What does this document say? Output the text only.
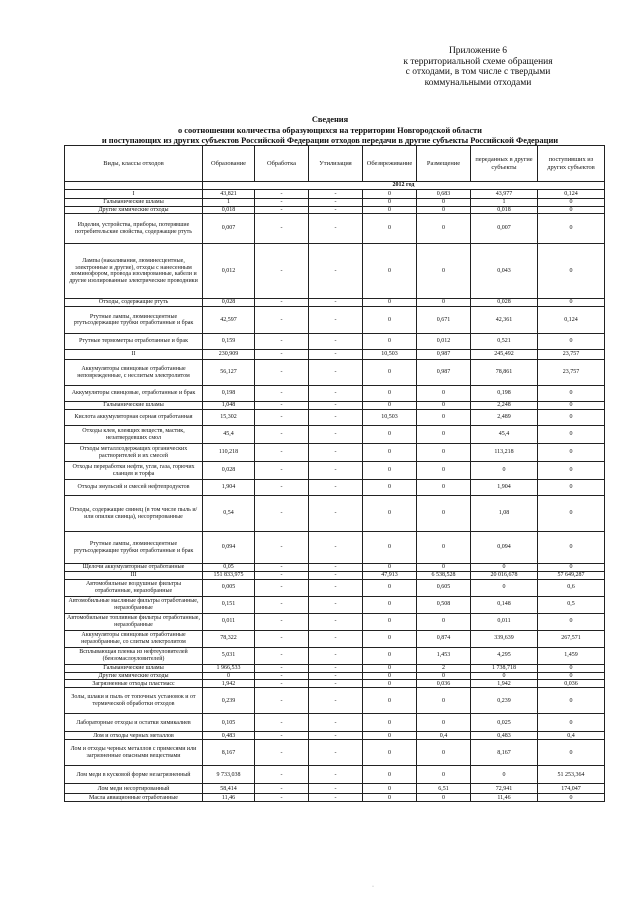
Приложение 6
к территориальной схеме обращения
с отходами, в том числе с твердыми
коммунальными отходами
Сведения
о соотношении количества образующихся на территории Новгородской области
и поступающих из других субъектов Российской Федерации отходов передачи в другие субъекты Российской Федерации
Виды, классы отходов	Образование	Обработка	Утилизация	Обезвреживание	Размещение	переданных в другие субъекты	поступивших из других субъектов
	2012 год						
I	43,821	-	-	0	0,683	43,977	0,124
Гальванические шламы	1	-	-	0	0	1	0
Другие химические отходы	0,018	-	-	0	0	0,018	0
Изделия, устройства, приборы, потерявшие потребительские свойства, содержащие ртуть	0,007	-	-	0	0	0,007	0
Лампы (накаливания, люминесцентные, электронные и другие), отходы с нанесенным люминофором, провода изолированные, кабели и другие изолированные электрические проводники	0,012	-	-	0	0	0,043	0
Отходы, содержащие ртуть	0,028	-	-	0	0	0,028	0
Ртутные лампы, люминесцентные ртутьсодержащие трубки отработанные и брак	42,597	-	-	0	0,671	42,361	0,124
Ртутные термометры отработанные и брак	0,159	-	-	0	0,012	0,521	0
II	230,909	-	-	10,503	0,987	245,492	23,757
Аккумуляторы свинцовые отработанные неповрежденные, с неслитым электролитом	56,127	-	-	0	0,987	78,861	23,757
Аккумуляторы свинцовые, отработанные и брак	0,198	-	-	0	0	0,198	0
Гальванические шламы	1,048	-	-	0	0	2,248	0
Кислота аккумуляторная серная отработанная	15,302	-	-	10,503	0	2,489	0
Отходы клея, клеящих веществ, мастик, незатвердевших смол	45,4	-	-	0	0	45,4	0
Отходы металлсодержащих органических растворителей и их смесей	110,218	-	-	0	0	113,218	0
Отходы переработки нефти, угля, газа, горючих сланцев и торфа	0,028	-	-	0	0	0	0
Отходы эмульсий и смесей нефтепродуктов	1,904	-	-	0	0	1,904	0
Отходы, содержащие свинец (в том числе пыль и/или опилки свинца), несортированные	0,54	-	-	0	0	1,08	0
Ртутные лампы, люминесцентные ртутьсодержащие трубки отработанные и брак	0,094	-	-	0	0	0,094	0
Щелочи аккумуляторные отработанные	0,05	-	-	0	0	0	0
III	151 833,975	-	-	47,913	6 538,528	20 016,678	57 649,287
Автомобильные воздушные фильтры отработанные, неразобранные	0,005	-	-	0	0,605	0	0,6
Автомобильные масляные фильтры отработанные, неразобранные	0,151	-	-	0	0,508	0,148	0,5
Автомобильные топливные фильтры отработанные, неразобранные	0,011	-	-	0	0	0,011	0
Аккумуляторы свинцовые отработанные неразобранные, со слитым электролитом	78,322	-	-	0	0,874	339,639	267,571
Всплывающая пленка из нефтеуловителей (бензомаслоуловителей)	5,031	-	-	0	1,453	4,295	1,459
Гальванические шламы	1 966,533	-	-	0	2	1 738,718	0
Другие химические отходы	0	-	-	0	0	0	0
Загрязненные отходы пластмасс	1,942	-	-	0	0,036	1,942	0,036
Золы, шлаки и пыль от топочных установок и от термической обработки отходов	0,239	-	-	0	0	0,239	0
Лабораторные отходы и остатки химикалиев	0,105	-	-	0	0	0,025	0
Лом и отходы черных металлов	0,483	-	-	0	0,4	0,483	0,4
Лом и отходы черных металлов с примесями или загрязненные опасными веществами	8,167	-	-	0	0	8,167	0
Лом меди в кусковой форме незагрязненный	9 733,038	-	-	0	0	0	51 253,364
Лом меди несортированный	58,414	-	-	0	6,51	72,941	174,047
Масла авиационные отработанные	11,46	-	-	0	0	11,46	0
·
